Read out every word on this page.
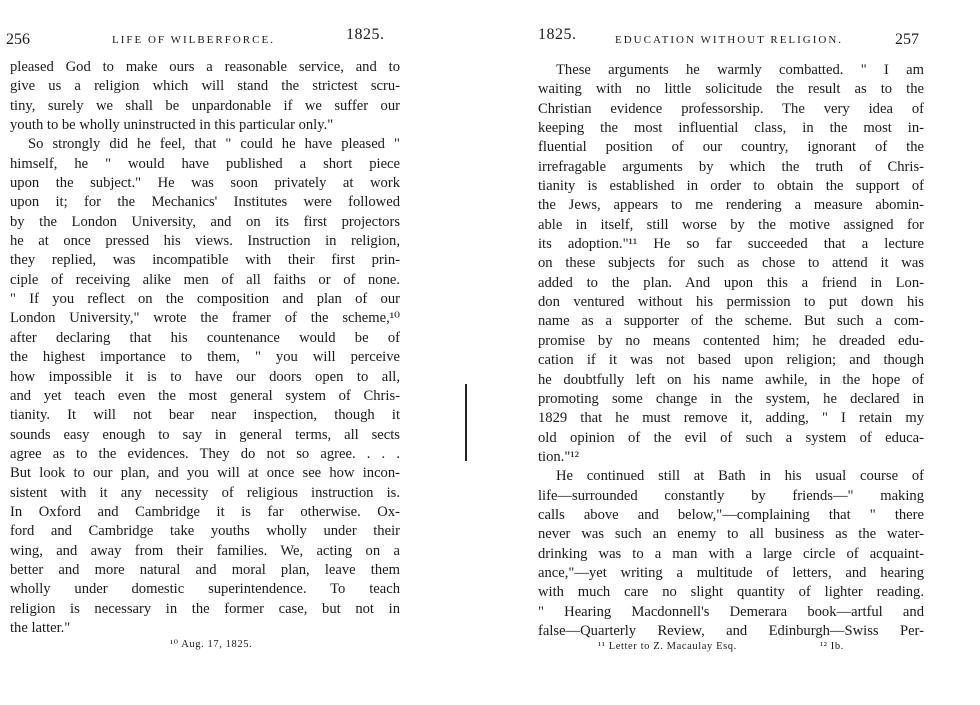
256	LIFE OF WILBERFORCE.	1825.
pleased God to make ours a reasonable service, and to
give us a religion which will stand the strictest scru-
tiny, surely we shall be unpardonable if we suffer our
youth to be wholly uninstructed in this particular only."
So strongly did he feel, that " could he have pleased "
himself, he " would have published a short piece
upon the subject." He was soon privately at work
upon it; for the Mechanics' Institutes were followed
by the London University, and on its first projectors
he at once pressed his views. Instruction in religion,
they replied, was incompatible with their first prin-
ciple of receiving alike men of all faiths or of none.
" If you reflect on the composition and plan of our
London University," wrote the framer of the scheme,¹⁰
after declaring that his countenance would be of
the highest importance to them, " you will perceive
how impossible it is to have our doors open to all,
and yet teach even the most general system of Chris-
tianity. It will not bear near inspection, though it
sounds easy enough to say in general terms, all sects
agree as to the evidences. They do not so agree. . . .
But look to our plan, and you will at once see how incon-
sistent with it any necessity of religious instruction is.
In Oxford and Cambridge it is far otherwise. Ox-
ford and Cambridge take youths wholly under their
wing, and away from their families. We, acting on a
better and more natural and moral plan, leave them
wholly under domestic superintendence. To teach
religion is necessary in the former case, but not in
the latter."
¹⁰ Aug. 17, 1825.
1825.	EDUCATION WITHOUT RELIGION.	257
These arguments he warmly combatted. " I am
waiting with no little solicitude the result as to the
Christian evidence professorship. The very idea of
keeping the most influential class, in the most in-
fluential position of our country, ignorant of the
irrefragable arguments by which the truth of Chris-
tianity is established in order to obtain the support of
the Jews, appears to me rendering a measure abomin-
able in itself, still worse by the motive assigned for
its adoption."¹¹ He so far succeeded that a lecture
on these subjects for such as chose to attend it was
added to the plan. And upon this a friend in Lon-
don ventured without his permission to put down his
name as a supporter of the scheme. But such a com-
promise by no means contented him; he dreaded edu-
cation if it was not based upon religion; and though
he doubtfully left on his name awhile, in the hope of
promoting some change in the system, he declared in
1829 that he must remove it, adding, " I retain my
old opinion of the evil of such a system of educa-
tion."¹²
He continued still at Bath in his usual course of
life—surrounded constantly by friends—" making
calls above and below,"—complaining that " there
never was such an enemy to all business as the water-
drinking was to a man with a large circle of acquaint-
ance,"—yet writing a multitude of letters, and hearing
with much care no slight quantity of lighter reading.
" Hearing Macdonnell's Demerara book—artful and
false—Quarterly Review, and Edinburgh—Swiss Per-
¹¹ Letter to Z. Macaulay Esq.	¹² Ib.
